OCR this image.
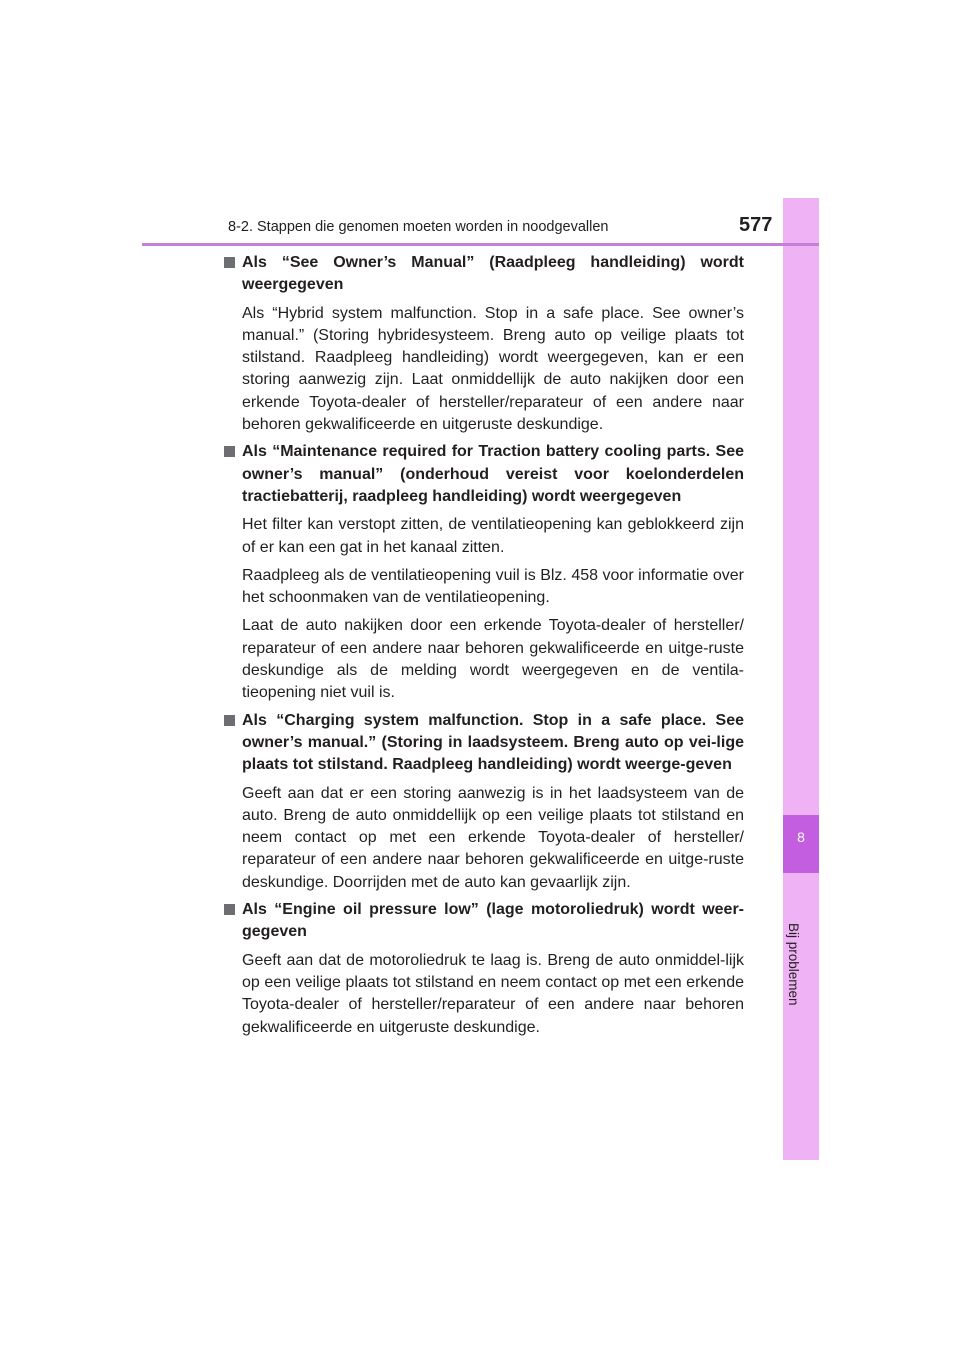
8
Bij problemen
8-2. Stappen die genomen moeten worden in noodgevallen	577
Als “See Owner’s Manual” (Raadpleeg handleiding) wordt weergegeven
Als “Hybrid system malfunction. Stop in a safe place. See owner’s manual.” (Storing hybridesysteem. Breng auto op veilige plaats tot stilstand. Raadpleeg handleiding) wordt weergegeven, kan er een storing aanwezig zijn. Laat onmiddellijk de auto nakijken door een erkende Toyota-dealer of hersteller/reparateur of een andere naar behoren gekwalificeerde en uitgeruste deskundige.
Als “Maintenance required for Traction battery cooling parts. See owner’s manual” (onderhoud vereist voor koelonderdelen tractiebatterij, raadpleeg handleiding) wordt weergegeven
Het filter kan verstopt zitten, de ventilatieopening kan geblokkeerd zijn of er kan een gat in het kanaal zitten.
Raadpleeg als de ventilatieopening vuil is Blz. 458 voor informatie over het schoonmaken van de ventilatieopening.
Laat de auto nakijken door een erkende Toyota-dealer of hersteller/ reparateur of een andere naar behoren gekwalificeerde en uitge-ruste deskundige als de melding wordt weergegeven en de ventila-tieopening niet vuil is.
Als “Charging system malfunction. Stop in a safe place. See owner’s manual.” (Storing in laadsysteem. Breng auto op vei-lige plaats tot stilstand. Raadpleeg handleiding) wordt weerge-geven
Geeft aan dat er een storing aanwezig is in het laadsysteem van de auto. Breng de auto onmiddellijk op een veilige plaats tot stilstand en neem contact op met een erkende Toyota-dealer of hersteller/ reparateur of een andere naar behoren gekwalificeerde en uitge-ruste deskundige. Doorrijden met de auto kan gevaarlijk zijn.
Als “Engine oil pressure low” (lage motoroliedruk) wordt weer-gegeven
Geeft aan dat de motoroliedruk te laag is. Breng de auto onmiddel-lijk op een veilige plaats tot stilstand en neem contact op met een erkende Toyota-dealer of hersteller/reparateur of een andere naar behoren gekwalificeerde en uitgeruste deskundige.
